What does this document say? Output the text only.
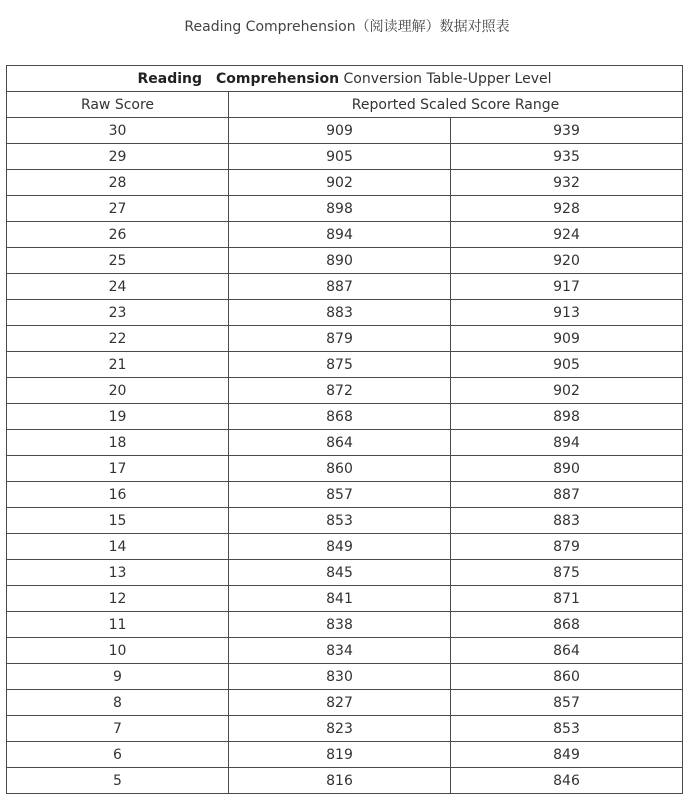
Reading Comprehension（阅读理解）数据对照表
Reading Comprehension Conversion Table-Upper Level		
Raw Score	Reported Scaled Score Range	
30	909	939
29	905	935
28	902	932
27	898	928
26	894	924
25	890	920
24	887	917
23	883	913
22	879	909
21	875	905
20	872	902
19	868	898
18	864	894
17	860	890
16	857	887
15	853	883
14	849	879
13	845	875
12	841	871
11	838	868
10	834	864
9	830	860
8	827	857
7	823	853
6	819	849
5	816	846
